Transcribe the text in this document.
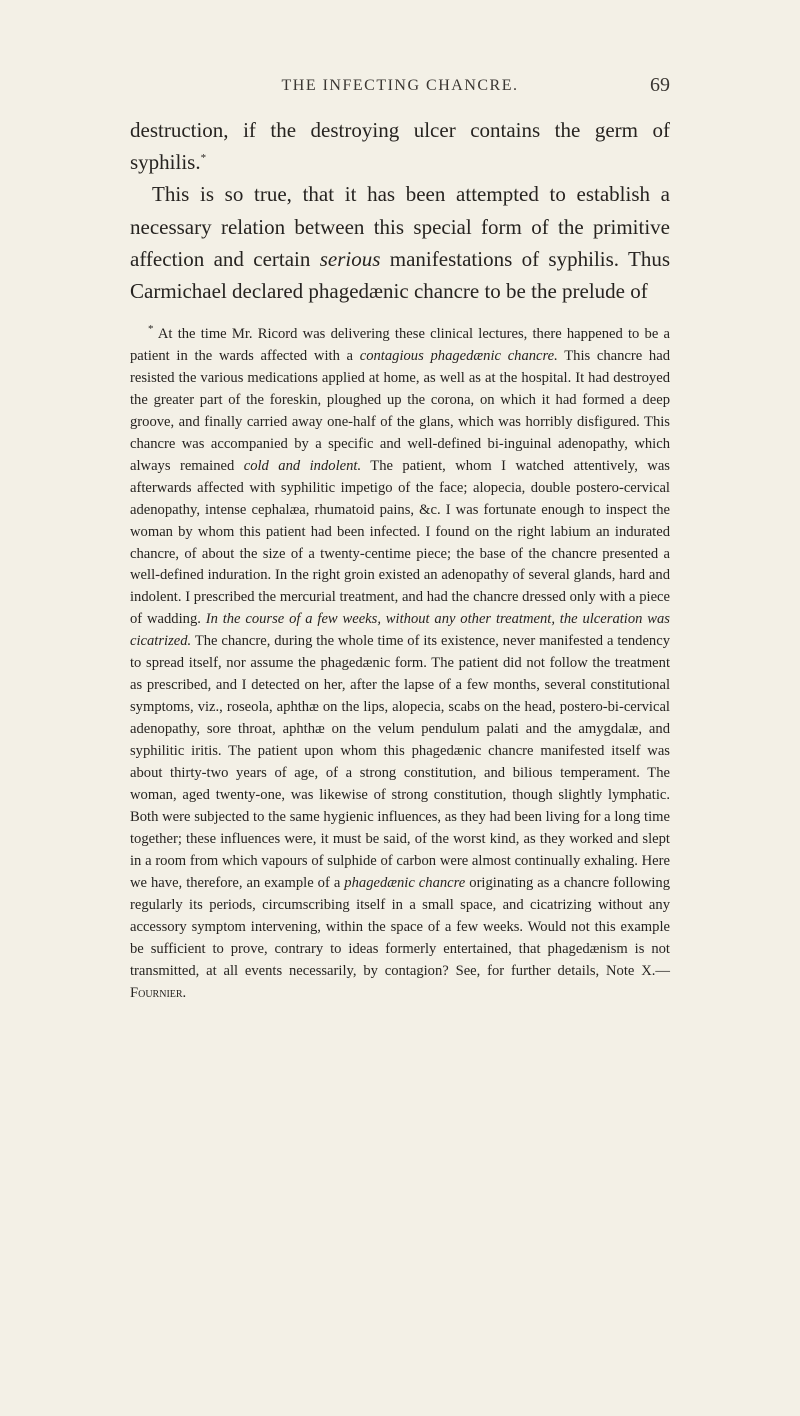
THE INFECTING CHANCRE.	69

destruction, if the destroying ulcer contains the germ of syphilis.*

This is so true, that it has been attempted to establish a necessary relation between this special form of the primitive affection and certain serious manifestations of syphilis. Thus Carmichael declared phagedænic chancre to be the prelude of

* At the time Mr. Ricord was delivering these clinical lectures, there happened to be a patient in the wards affected with a contagious phagedænic chancre. This chancre had resisted the various medications applied at home, as well as at the hospital. It had destroyed the greater part of the foreskin, ploughed up the corona, on which it had formed a deep groove, and finally carried away one-half of the glans, which was horribly disfigured. This chancre was accompanied by a specific and well-defined bi-inguinal adenopathy, which always remained cold and indolent. The patient, whom I watched attentively, was afterwards affected with syphilitic impetigo of the face; alopecia, double postero-cervical adenopathy, intense cephalæa, rhumatoid pains, &c. I was fortunate enough to inspect the woman by whom this patient had been infected. I found on the right labium an indurated chancre, of about the size of a twenty-centime piece; the base of the chancre presented a well-defined induration. In the right groin existed an adenopathy of several glands, hard and indolent. I prescribed the mercurial treatment, and had the chancre dressed only with a piece of wadding. In the course of a few weeks, without any other treatment, the ulceration was cicatrized. The chancre, during the whole time of its existence, never manifested a tendency to spread itself, nor assume the phagedænic form. The patient did not follow the treatment as prescribed, and I detected on her, after the lapse of a few months, several constitutional symptoms, viz., roseola, aphthæ on the lips, alopecia, scabs on the head, postero-bi-cervical adenopathy, sore throat, aphthæ on the velum pendulum palati and the amygdalæ, and syphilitic iritis. The patient upon whom this phagedænic chancre manifested itself was about thirty-two years of age, of a strong constitution, and bilious temperament. The woman, aged twenty-one, was likewise of strong constitution, though slightly lymphatic. Both were subjected to the same hygienic influences, as they had been living for a long time together; these influences were, it must be said, of the worst kind, as they worked and slept in a room from which vapours of sulphide of carbon were almost continually exhaling. Here we have, therefore, an example of a phagedænic chancre originating as a chancre following regularly its periods, circumscribing itself in a small space, and cicatrizing without any accessory symptom intervening, within the space of a few weeks. Would not this example be sufficient to prove, contrary to ideas formerly entertained, that phagedænism is not transmitted, at all events necessarily, by contagion? See, for further details, Note X.—Fournier.
